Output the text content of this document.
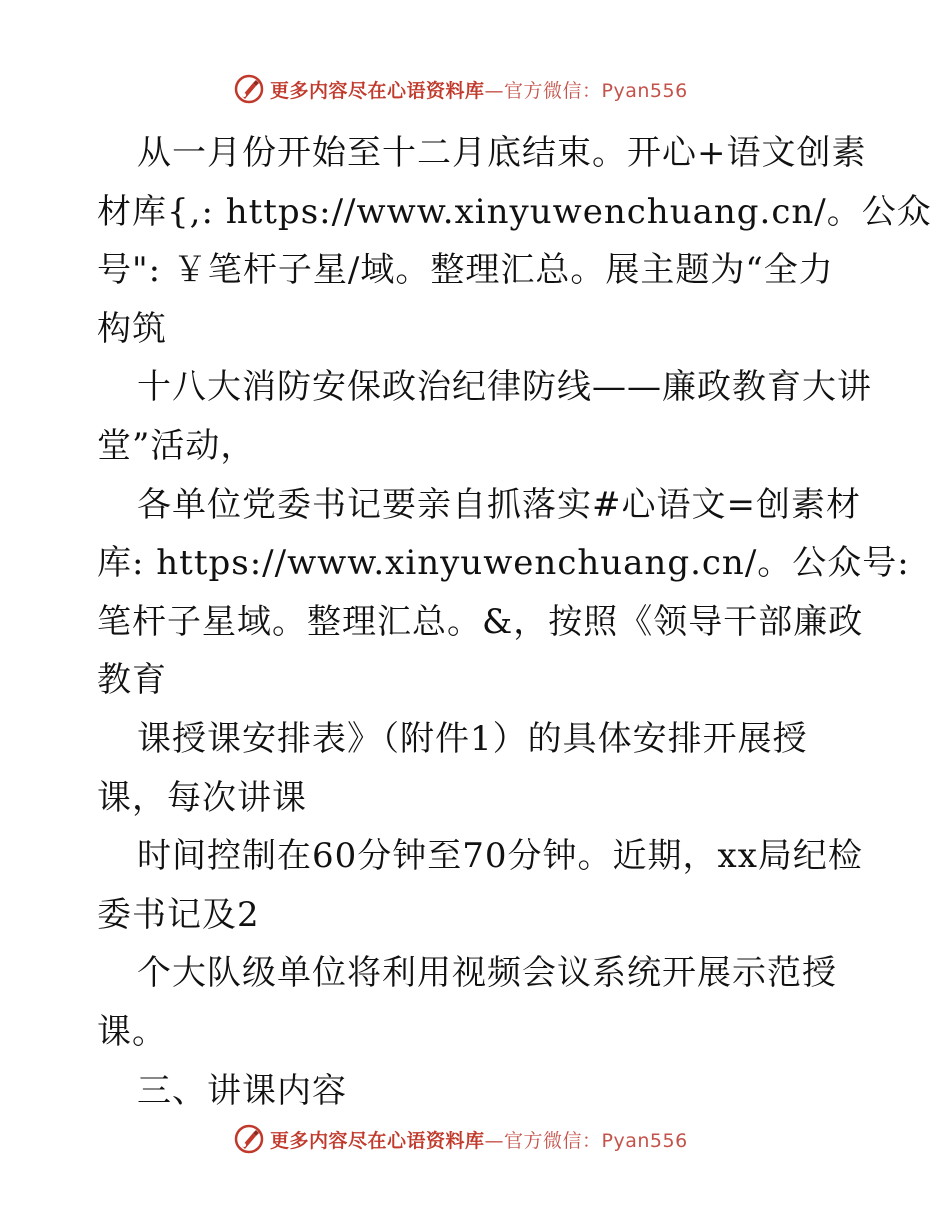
更多内容尽在心语资料库—官方微信：Pyan556
从一月份开始至十二月底结束。开心+语文创素
材库{,: https://www.xinyuwenchuang.cn/。公众
号": ￥笔杆子星/域。整理汇总。展主题为“全力
构筑
十八大消防安保政治纪律防线——廉政教育大讲
堂”活动，
各单位党委书记要亲自抓落实#心语文=创素材
库: https://www.xinyuwenchuang.cn/。公众号:
笔杆子星域。整理汇总。&，按照《领导干部廉政
教育
课授课安排表》（附件1）的具体安排开展授
课，每次讲课
时间控制在60分钟至70分钟。近期，xx局纪检
委书记及2
个大队级单位将利用视频会议系统开展示范授
课。
三、讲课内容
更多内容尽在心语资料库—官方微信：Pyan556
